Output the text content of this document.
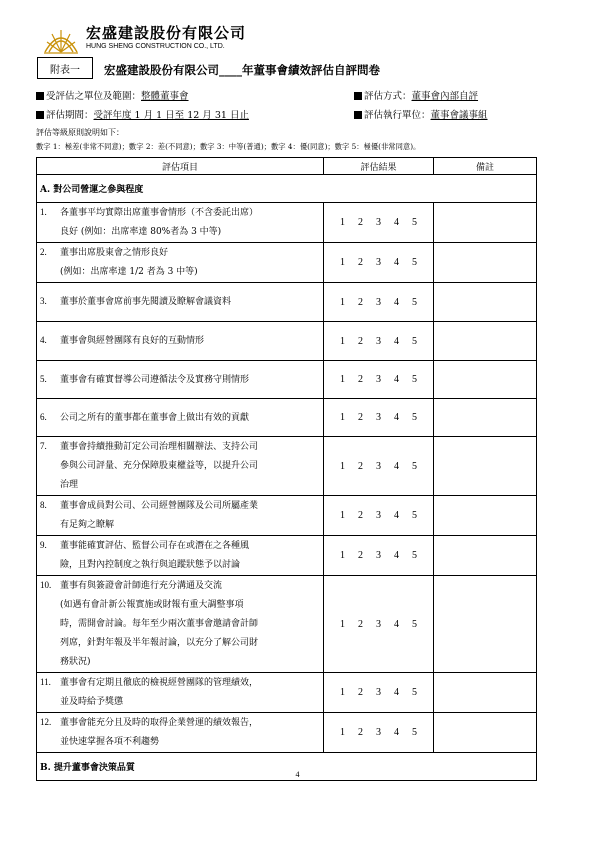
宏盛建設股份有限公司
HUNG SHENG CONSTRUCTION CO., LTD.
附表一	宏盛建設股份有限公司____年董事會績效評估自評問卷
受評估之單位及範圍：整體董事會	評估方式：董事會內部自評
評估期間：受評年度 1 月 1 日至 12 月 31 日止	評估執行單位：董事會議事組
評估等級原則說明如下：
數字 1：極差(非常不同意)；數字 2：差(不同意)；數字 3：中等(普通)；數字 4：優(同意)；數字 5：極優(非常同意)。
評估項目	評估結果	備註
A. 對公司營運之參與程度		

1. 各董事平均實際出席董事會情形（不含委託出席）
良好 (例如：出席率達 80%者為 3 中等)	1 2 3 4 5	

2. 董事出席股東會之情形良好
(例如：出席率達 1/2 者為 3 中等)	1 2 3 4 5	

3. 董事於董事會席前事先閱讀及瞭解會議資料	1 2 3 4 5	

4. 董事會與經營團隊有良好的互動情形	1 2 3 4 5	

5. 董事會有確實督導公司遵循法令及實務守則情形	1 2 3 4 5	

6. 公司之所有的董事都在董事會上做出有效的貢獻	1 2 3 4 5	

7. 董事會持續推動訂定公司治理相關辦法、支持公司
參與公司評量、充分保障股東權益等，以提升公司
治理	1 2 3 4 5	

8. 董事會成員對公司、公司經營團隊及公司所屬產業
有足夠之瞭解	1 2 3 4 5	

9. 董事能確實評估、監督公司存在或潛在之各種風
險，且對內控制度之執行與追蹤狀態予以討論	1 2 3 4 5	

10. 董事有與簽證會計師進行充分溝通及交流
(如遇有會計新公報實施或財報有重大調整事項
時，需開會討論。每年至少兩次董事會邀請會計師
列席，針對年報及半年報討論，以充分了解公司財
務狀況)	1 2 3 4 5	

11. 董事會有定期且徹底的檢視經營團隊的管理績效，
並及時給予獎懲	1 2 3 4 5	

12. 董事會能充分且及時的取得企業營運的績效報告，
並快速掌握各項不利趨勢	1 2 3 4 5	
B. 提升董事會決策品質		
4
